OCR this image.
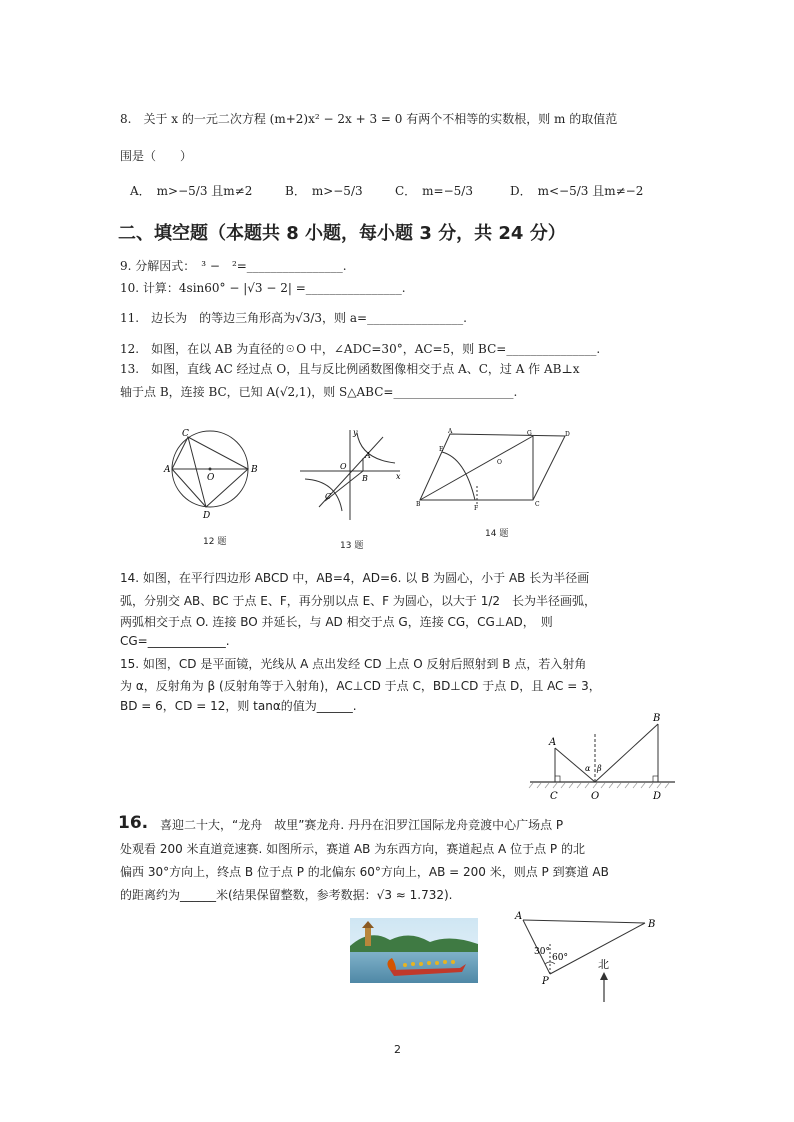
8.　关于 x 的一元二次方程 (m+2)x² − 2x + 3 = 0 有两个不相等的实数根，则 m 的取值范
围是（　　）
A．　m>−5/3 且m≠2	B．　m>−5/3	C．　m=−5/3	D．　m<−5/3 且m≠−2
二、填空题（本题共 8 小题，每小题 3 分，共 24 分）
9. 分解因式：　³ −　²=________________.
10. 计算：4sin60° − |√3 − 2| =________________.
11.　边长为　的等边三角形高为√3/3，则 a=________________.
12.　如图，在以 AB 为直径的☉O 中，∠ADC=30°，AC=5，则 BC=_______________.
13.　如图，直线 AC 经过点 O，且与反比例函数图像相交于点 A、C，过 A 作 AB⊥x
轴于点 B，连接 BC，已知 A(√2,1)，则 S△ABC=____________________.
C
A	B
O
D
12 题
y
x
A
O
B
C
13 题
A	G	D
E
O
B
F
C
14 题
14. 如图，在平行四边形 ABCD 中，AB=4，AD=6. 以 B 为圆心，小于 AB 长为半径画
弧，分别交 AB、BC 于点 E、F，再分别以点 E、F 为圆心，以大于 1/2　长为半径画弧，
两弧相交于点 O. 连接 BO 并延长，与 AD 相交于点 G，连接 CG，CG⊥AD，　则
CG=_____________.
15. 如图，CD 是平面镜，光线从 A 点出发经 CD 上点 O 反射后照射到 B 点，若入射角
为 α，反射角为 β (反射角等于入射角)，AC⊥CD 于点 C，BD⊥CD 于点 D，且 AC = 3，
BD = 6，CD = 12，则 tanα的值为______.
A
B
α β
C	O	D
16. 喜迎二十大，“龙舟　故里”赛龙舟. 丹丹在汨罗江国际龙舟竞渡中心广场点 P
处观看 200 米直道竞速赛. 如图所示，赛道 AB 为东西方向，赛道起点 A 位于点 P 的北
偏西 30°方向上，终点 B 位于点 P 的北偏东 60°方向上，AB = 200 米，则点 P 到赛道 AB
的距离约为______米(结果保留整数，参考数据：√3 ≈ 1.732).
A
B
30°
60°
P
北
2
